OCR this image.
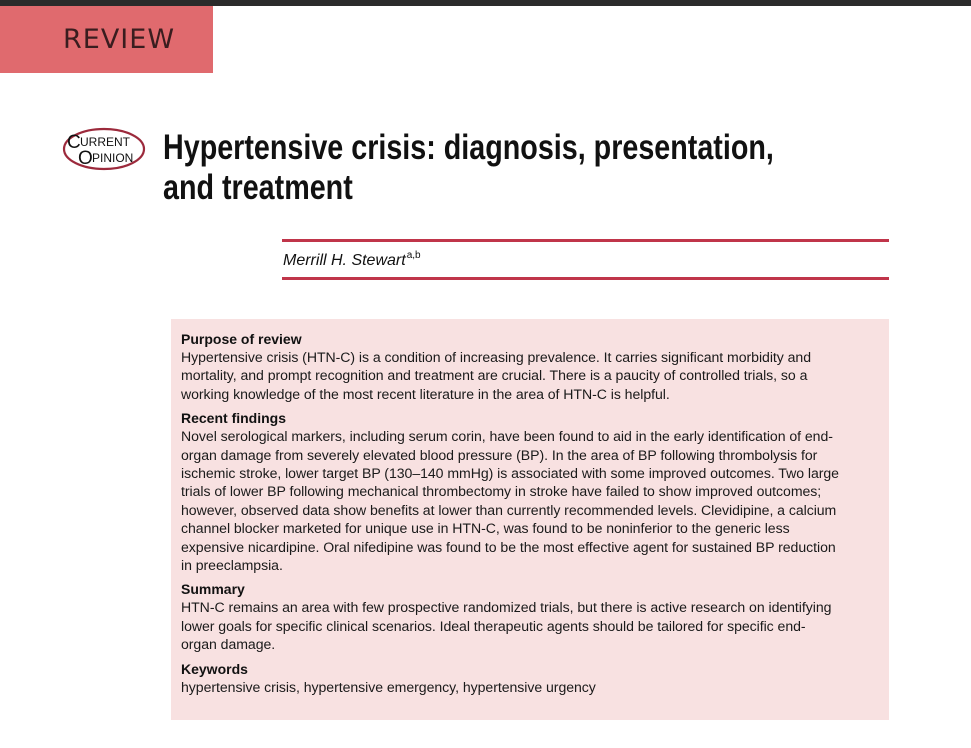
REVIEW
C URRENT
O PINION Hypertensive crisis: diagnosis, presentation,
and treatment
Merrill H. Stewart$^{a,b}$

Purpose of review

Hypertensive crisis (HTN-C) is a condition of increasing prevalence. It carries significant morbidity and
mortality, and prompt recognition and treatment are crucial. There is a paucity of controlled trials, so a
working knowledge of the most recent literature in the area of HTN-C is helpful.

Recent findings

Novel serological markers, including serum corin, have been found to aid in the early identification of end-
organ damage from severely elevated blood pressure (BP). In the area of BP following thrombolysis for
ischemic stroke, lower target BP (130–140 mmHg) is associated with some improved outcomes. Two large
trials of lower BP following mechanical thrombectomy in stroke have failed to show improved outcomes;
however, observed data show benefits at lower than currently recommended levels. Clevidipine, a calcium
channel blocker marketed for unique use in HTN-C, was found to be noninferior to the generic less
expensive nicardipine. Oral nifedipine was found to be the most effective agent for sustained BP reduction
in preeclampsia.

Summary

HTN-C remains an area with few prospective randomized trials, but there is active research on identifying
lower goals for specific clinical scenarios. Ideal therapeutic agents should be tailored for specific end-
organ damage.

Keywords

hypertensive crisis, hypertensive emergency, hypertensive urgency
